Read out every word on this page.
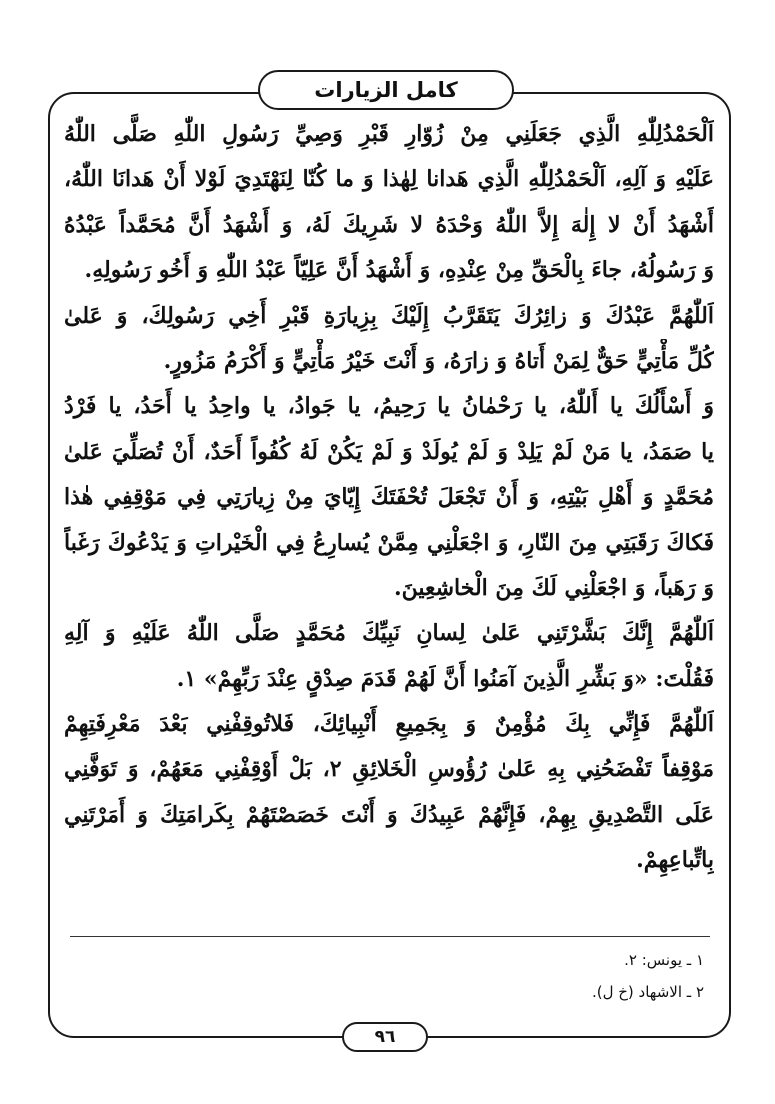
كامل الزيارات
اَلْحَمْدُلِلّٰهِ الَّذِي جَعَلَنِي مِنْ زُوّارِ قَبْرِ وَصِيِّ رَسُولِ اللّٰهِ صَلَّى اللّٰهُ
عَلَيْهِ وَ آلِهِ، اَلْحَمْدُلِلّٰهِ الَّذِي هَدانا لِهٰذا وَ ما كُنّا لِنَهْتَدِيَ لَوْلا أَنْ هَدانَا اللّٰهُ،
أَشْهَدُ أَنْ لا إِلٰهَ إِلاَّ اللّٰهُ وَحْدَهُ لا شَرِيكَ لَهُ، وَ أَشْهَدُ أَنَّ مُحَمَّداً عَبْدُهُ
وَ رَسُولُهُ، جاءَ بِالْحَقِّ مِنْ عِنْدِهِ، وَ أَشْهَدُ أَنَّ عَلِيّاً عَبْدُ اللّٰهِ وَ أَخُو رَسُولِهِ.
اَللّٰهُمَّ عَبْدُكَ وَ زائِرُكَ يَتَقَرَّبُ إِلَيْكَ بِزِيارَةِ قَبْرِ أَخِي رَسُولِكَ، وَ عَلىٰ
كُلِّ مَأْتِيٍّ حَقٌّ لِمَنْ أَتاهُ وَ زارَهُ، وَ أَنْتَ خَيْرُ مَأْتِيٍّ وَ أَكْرَمُ مَزُورٍ.
وَ أَسْأَلُكَ يا أَللّٰهُ، يا رَحْمٰانُ يا رَحِيمُ، يا جَوادُ، يا واحِدُ يا أَحَدُ، يا فَرْدُ
يا صَمَدُ، يا مَنْ لَمْ يَلِدْ وَ لَمْ يُولَدْ وَ لَمْ يَكُنْ لَهُ كُفُواً أَحَدٌ، أَنْ تُصَلِّيَ عَلىٰ
مُحَمَّدٍ وَ أَهْلِ بَيْتِهِ، وَ أَنْ تَجْعَلَ تُحْفَتَكَ إِيّايَ مِنْ زِيارَتِي فِي مَوْقِفِي هٰذا
فَكاكَ رَقَبَتِي مِنَ النّارِ، وَ اجْعَلْنِي مِمَّنْ يُسارِعُ فِي الْخَيْراتِ وَ يَدْعُوكَ رَغَباً
وَ رَهَباً، وَ اجْعَلْنِي لَكَ مِنَ الْخاشِعِينَ.
اَللّٰهُمَّ إِنَّكَ بَشَّرْتَنِي عَلىٰ لِسانِ نَبِيِّكَ مُحَمَّدٍ صَلَّى اللّٰهُ عَلَيْهِ وَ آلِهِ
فَقُلْتَ: «وَ بَشِّرِ الَّذِينَ آمَنُوا أَنَّ لَهُمْ قَدَمَ صِدْقٍ عِنْدَ رَبِّهِمْ» ١.
اَللّٰهُمَّ فَإِنِّي بِكَ مُؤْمِنٌ وَ بِجَمِيعِ أَنْبِيائِكَ، فَلاتُوقِفْنِي بَعْدَ مَعْرِفَتِهِمْ
مَوْقِفاً تَفْضَحُنِي بِهِ عَلىٰ رُؤُوسِ الْخَلائِقِ ٢، بَلْ أَوْقِفْنِي مَعَهُمْ، وَ تَوَفَّنِي
عَلَى التَّصْدِيقِ بِهِمْ، فَإِنَّهُمْ عَبِيدُكَ وَ أَنْتَ خَصَصْتَهُمْ بِكَرامَتِكَ وَ أَمَرْتَنِي
بِاتِّباعِهِمْ.
١ ـ يونس: ٢.
٢ ـ الاشهاد (خ ل).
٩٦
